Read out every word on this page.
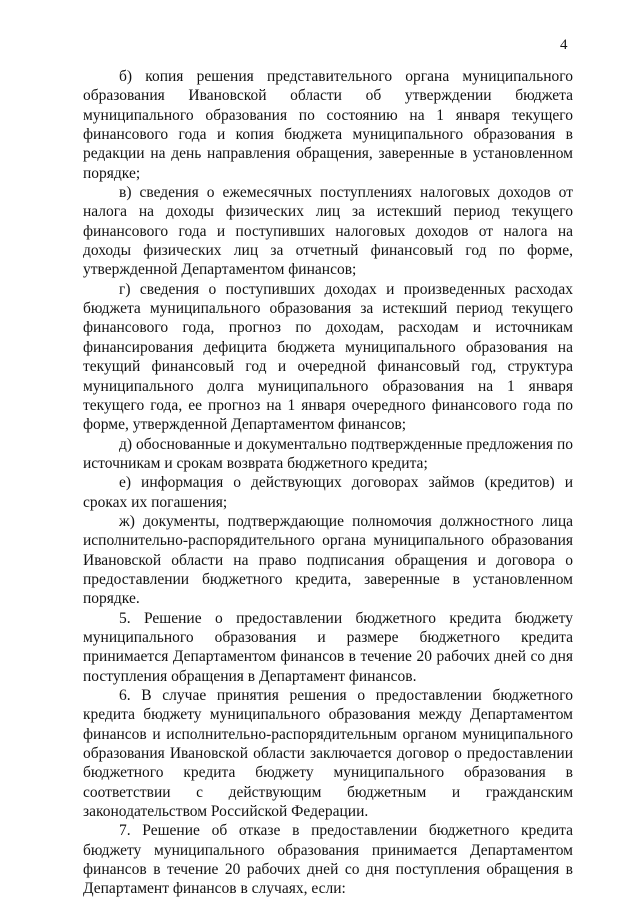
4

б) копия решения представительного органа муниципального образования Ивановской области об утверждении бюджета муниципального образования по состоянию на 1 января текущего финансового года и копия бюджета муниципального образования в редакции на день направления обращения, заверенные в установленном порядке;

в) сведения о ежемесячных поступлениях налоговых доходов от налога на доходы физических лиц за истекший период текущего финансового года и поступивших налоговых доходов от налога на доходы физических лиц за отчетный финансовый год по форме, утвержденной Департаментом финансов;

г) сведения о поступивших доходах и произведенных расходах бюджета муниципального образования за истекший период текущего финансового года, прогноз по доходам, расходам и источникам финансирования дефицита бюджета муниципального образования на текущий финансовый год и очередной финансовый год, структура муниципального долга муниципального образования на 1 января текущего года, ее прогноз на 1 января очередного финансового года по форме, утвержденной Департаментом финансов;

д) обоснованные и документально подтвержденные предложения по источникам и срокам возврата бюджетного кредита;

е) информация о действующих договорах займов (кредитов) и сроках их погашения;

ж) документы, подтверждающие полномочия должностного лица исполнительно-распорядительного органа муниципального образования Ивановской области на право подписания обращения и договора о предоставлении бюджетного кредита, заверенные в установленном порядке.

5. Решение о предоставлении бюджетного кредита бюджету муниципального образования и размере бюджетного кредита принимается Департаментом финансов в течение 20 рабочих дней со дня поступления обращения в Департамент финансов.

6. В случае принятия решения о предоставлении бюджетного кредита бюджету муниципального образования между Департаментом финансов и исполнительно-распорядительным органом муниципального образования Ивановской области заключается договор о предоставлении бюджетного кредита бюджету муниципального образования в соответствии с действующим бюджетным и гражданским законодательством Российской Федерации.

7. Решение об отказе в предоставлении бюджетного кредита бюджету муниципального образования принимается Департаментом финансов в течение 20 рабочих дней со дня поступления обращения в Департамент финансов в случаях, если:
